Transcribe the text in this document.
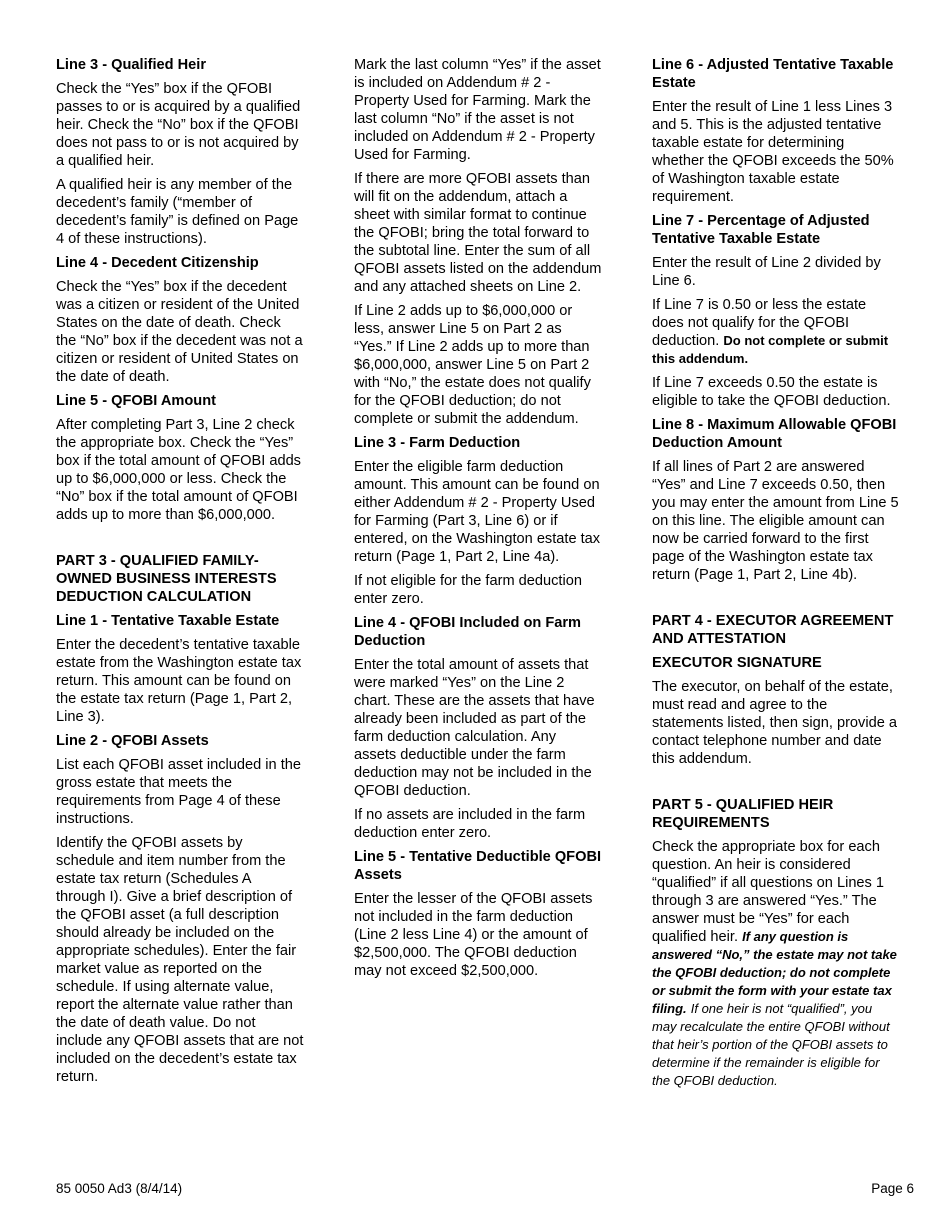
Line 3 - Qualified Heir

Check the “Yes” box if the QFOBI passes to or is acquired by a qualified heir. Check the “No” box if the QFOBI does not pass to or is not acquired by a qualified heir.

A qualified heir is any member of the decedent’s family (“member of decedent’s family” is defined on Page 4 of these instructions).

Line 4 - Decedent Citizenship

Check the “Yes” box if the decedent was a citizen or resident of the United States on the date of death. Check the “No” box if the decedent was not a citizen or resident of United States on the date of death.

Line 5 - QFOBI Amount

After completing Part 3, Line 2 check the appropriate box. Check the “Yes” box if the total amount of QFOBI adds up to $6,000,000 or less. Check the “No” box if the total amount of QFOBI adds up to more than $6,000,000.

PART 3 - QUALIFIED FAMILY-OWNED BUSINESS INTERESTS DEDUCTION CALCULATION
Line 1 - Tentative Taxable Estate

Enter the decedent’s tentative taxable estate from the Washington estate tax return. This amount can be found on the estate tax return (Page 1, Part 2, Line 3).

Line 2 - QFOBI Assets

List each QFOBI asset included in the gross estate that meets the requirements from Page 4 of these instructions.

Identify the QFOBI assets by schedule and item number from the estate tax return (Schedules A through I). Give a brief description of the QFOBI asset (a full description should already be included on the appropriate schedules). Enter the fair market value as reported on the schedule. If using alternate value, report the alternate value rather than the date of death value. Do not include any QFOBI assets that are not included on the decedent’s estate tax return.

Mark the last column “Yes” if the asset is included on Addendum # 2 - Property Used for Farming. Mark the last column “No” if the asset is not included on Addendum # 2 - Property Used for Farming.

If there are more QFOBI assets than will fit on the addendum, attach a sheet with similar format to continue the QFOBI; bring the total forward to the subtotal line. Enter the sum of all QFOBI assets listed on the addendum and any attached sheets on Line 2.

If Line 2 adds up to $6,000,000 or less, answer Line 5 on Part 2 as “Yes.” If Line 2 adds up to more than $6,000,000, answer Line 5 on Part 2 with “No,” the estate does not qualify for the QFOBI deduction; do not complete or submit the addendum.

Line 3 - Farm Deduction

Enter the eligible farm deduction amount. This amount can be found on either Addendum # 2 - Property Used for Farming (Part 3, Line 6) or if entered, on the Washington estate tax return (Page 1, Part 2, Line 4a).

If not eligible for the farm deduction enter zero.

Line 4 - QFOBI Included on Farm Deduction

Enter the total amount of assets that were marked “Yes” on the Line 2 chart. These are the assets that have already been included as part of the farm deduction calculation. Any assets deductible under the farm deduction may not be included in the QFOBI deduction.

If no assets are included in the farm deduction enter zero.

Line 5 - Tentative Deductible QFOBI Assets

Enter the lesser of the QFOBI assets not included in the farm deduction (Line 2 less Line 4) or the amount of $2,500,000. The QFOBI deduction may not exceed $2,500,000.

Line 6 - Adjusted Tentative Taxable Estate

Enter the result of Line 1 less Lines 3 and 5. This is the adjusted tentative taxable estate for determining whether the QFOBI exceeds the 50% of Washington taxable estate requirement.

Line 7 - Percentage of Adjusted Tentative Taxable Estate

Enter the result of Line 2 divided by Line 6.

If Line 7 is 0.50 or less the estate does not qualify for the QFOBI deduction. Do not complete or submit this addendum.

If Line 7 exceeds 0.50 the estate is eligible to take the QFOBI deduction.

Line 8 - Maximum Allowable QFOBI Deduction Amount

If all lines of Part 2 are answered “Yes” and Line 7 exceeds 0.50, then you may enter the amount from Line 5 on this line. The eligible amount can now be carried forward to the first page of the Washington estate tax return (Page 1, Part 2, Line 4b).

PART 4 - EXECUTOR AGREEMENT AND ATTESTATION
EXECUTOR SIGNATURE

The executor, on behalf of the estate, must read and agree to the statements listed, then sign, provide a contact telephone number and date this addendum.

PART 5 - QUALIFIED HEIR REQUIREMENTS

Check the appropriate box for each question. An heir is considered “qualified” if all questions on Lines 1 through 3 are answered “Yes.” The answer must be “Yes” for each qualified heir. If any question is answered “No,” the estate may not take the QFOBI deduction; do not complete or submit the form with your estate tax filing. If one heir is not “qualified”, you may recalculate the entire QFOBI without that heir’s portion of the QFOBI assets to determine if the remainder is eligible for the QFOBI deduction.

85 0050 Ad3 (8/4/14)	Page 6
